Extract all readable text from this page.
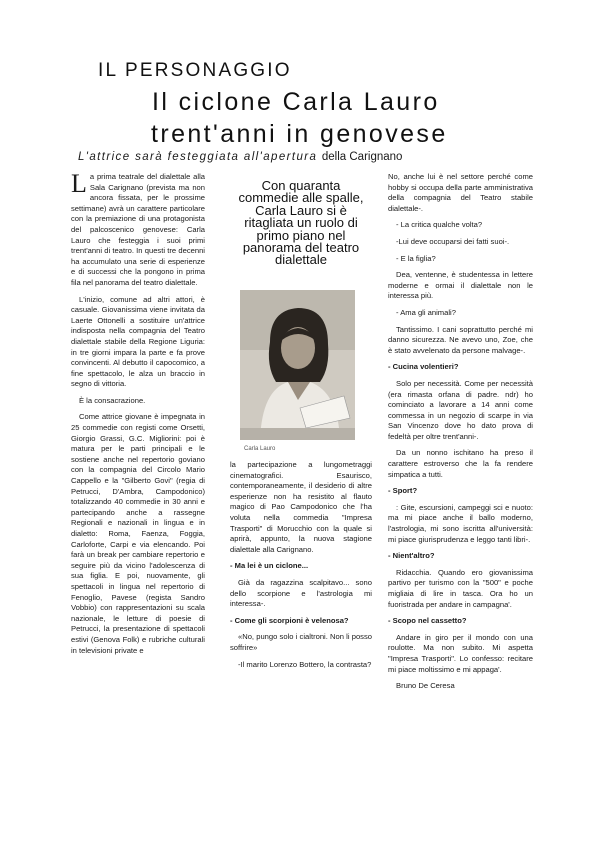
IL PERSONAGGIO
Il ciclone Carla Lauro
trent'anni in genovese
L'attrice sarà festeggiata all'apertura della Carignano

La prima teatrale del dialettale alla Sala Carignano (prevista ma non ancora fissata, per le prossime settimane) avrà un carattere particolare con la premiazione di una protagonista del palcoscenico genovese: Carla Lauro che festeggia i suoi primi trent'anni di teatro. In questi tre decenni ha accumulato una serie di esperienze e di successi che la pongono in prima fila nel panorama del teatro dialettale.

L'inizio, comune ad altri attori, è casuale. Giovanissima viene invitata da Laerte Ottonelli a sostituire un'attrice indisposta nella compagnia del Teatro dialettale stabile della Regione Liguria: in tre giorni impara la parte e fa prove convincenti. Al debutto il capocomico, a fine spettacolo, le alza un braccio in segno di vittoria.

È la consacrazione.

Come attrice giovane è impegnata in 25 commedie con registi come Orsetti, Giorgio Grassi, G.C. Migliorini: poi è matura per le parti principali e le sostiene anche nel repertorio goviano con la compagnia del Circolo Mario Cappello e la "Gilberto Govi" (regia di Petrucci, D'Ambra, Campodonico) totalizzando 40 commedie in 30 anni e partecipando anche a rassegne Regionali e nazionali in lingua e in dialetto: Roma, Faenza, Foggia, Carloforte, Carpi e via elencando. Poi farà un break per cambiare repertorio e seguire più da vicino l'adolescenza di sua figlia. E poi, nuovamente, gli spettacoli in lingua nel repertorio di Fenoglio, Pavese (regista Sandro Vobbio) con rappresentazioni su scala nazionale, le letture di poesie di Petrucci, la presentazione di spettacoli estivi (Genova Folk) e rubriche culturali in televisioni private e

Con quaranta commedie alle spalle, Carla Lauro si è ritagliata un ruolo di primo piano nel panorama del teatro dialettale
Carla Lauro

la partecipazione a lungometraggi cinematografici. Esaurisco, contemporaneamente, il desiderio di altre esperienze non ha resistito al flauto magico di Pao Campodonico che l'ha voluta nella commedia "Impresa Trasporti" di Morucchio con la quale si aprirà, appunto, la nuova stagione dialettale alla Carignano.

- Ma lei è un ciclone...

Già da ragazzina scalpitavo... sono dello scorpione e l'astrologia mi interessa-.

- Come gli scorpioni è velenosa?

«No, pungo solo i cialtroni. Non li posso soffrire»

-Il marito Lorenzo Bottero, la contrasta?

No, anche lui è nel settore perché come hobby si occupa della parte amministrativa della compagnia del Teatro stabile dialettale-.

- La critica qualche volta?

-Lui deve occuparsi dei fatti suoi-.

- E la figlia?

Dea, ventenne, è studentessa in lettere moderne e ormai il dialettale non le interessa più.

- Ama gli animali?

Tantissimo. I cani soprattutto perché mi danno sicurezza. Ne avevo uno, Zoe, che è stato avvelenato da persone malvage-.

- Cucina volentieri?

Solo per necessità. Come per necessità (era rimasta orfana di padre. ndr) ho cominciato a lavorare a 14 anni come commessa in un negozio di scarpe in via San Vincenzo dove ho dato prova di fedeltà per oltre trent'anni-.

Da un nonno ischitano ha preso il carattere estroverso che la fa rendere simpatica a tutti.

- Sport?

: Gite, escursioni, campeggi sci e nuoto: ma mi piace anche il ballo moderno, l'astrologia, mi sono iscritta all'università: mi piace giurisprudenza e leggo tanti libri-.

- Nient'altro?

Ridacchia. Quando ero giovanissima partivo per turismo con la "500" e poche migliaia di lire in tasca. Ora ho un fuoristrada per andare in campagna'.

- Scopo nel cassetto?

Andare in giro per il mondo con una roulotte. Ma non subito. Mi aspetta "Impresa Trasporti". Lo confesso: recitare mi piace moltissimo e mi appaga'.

Bruno De Ceresa
